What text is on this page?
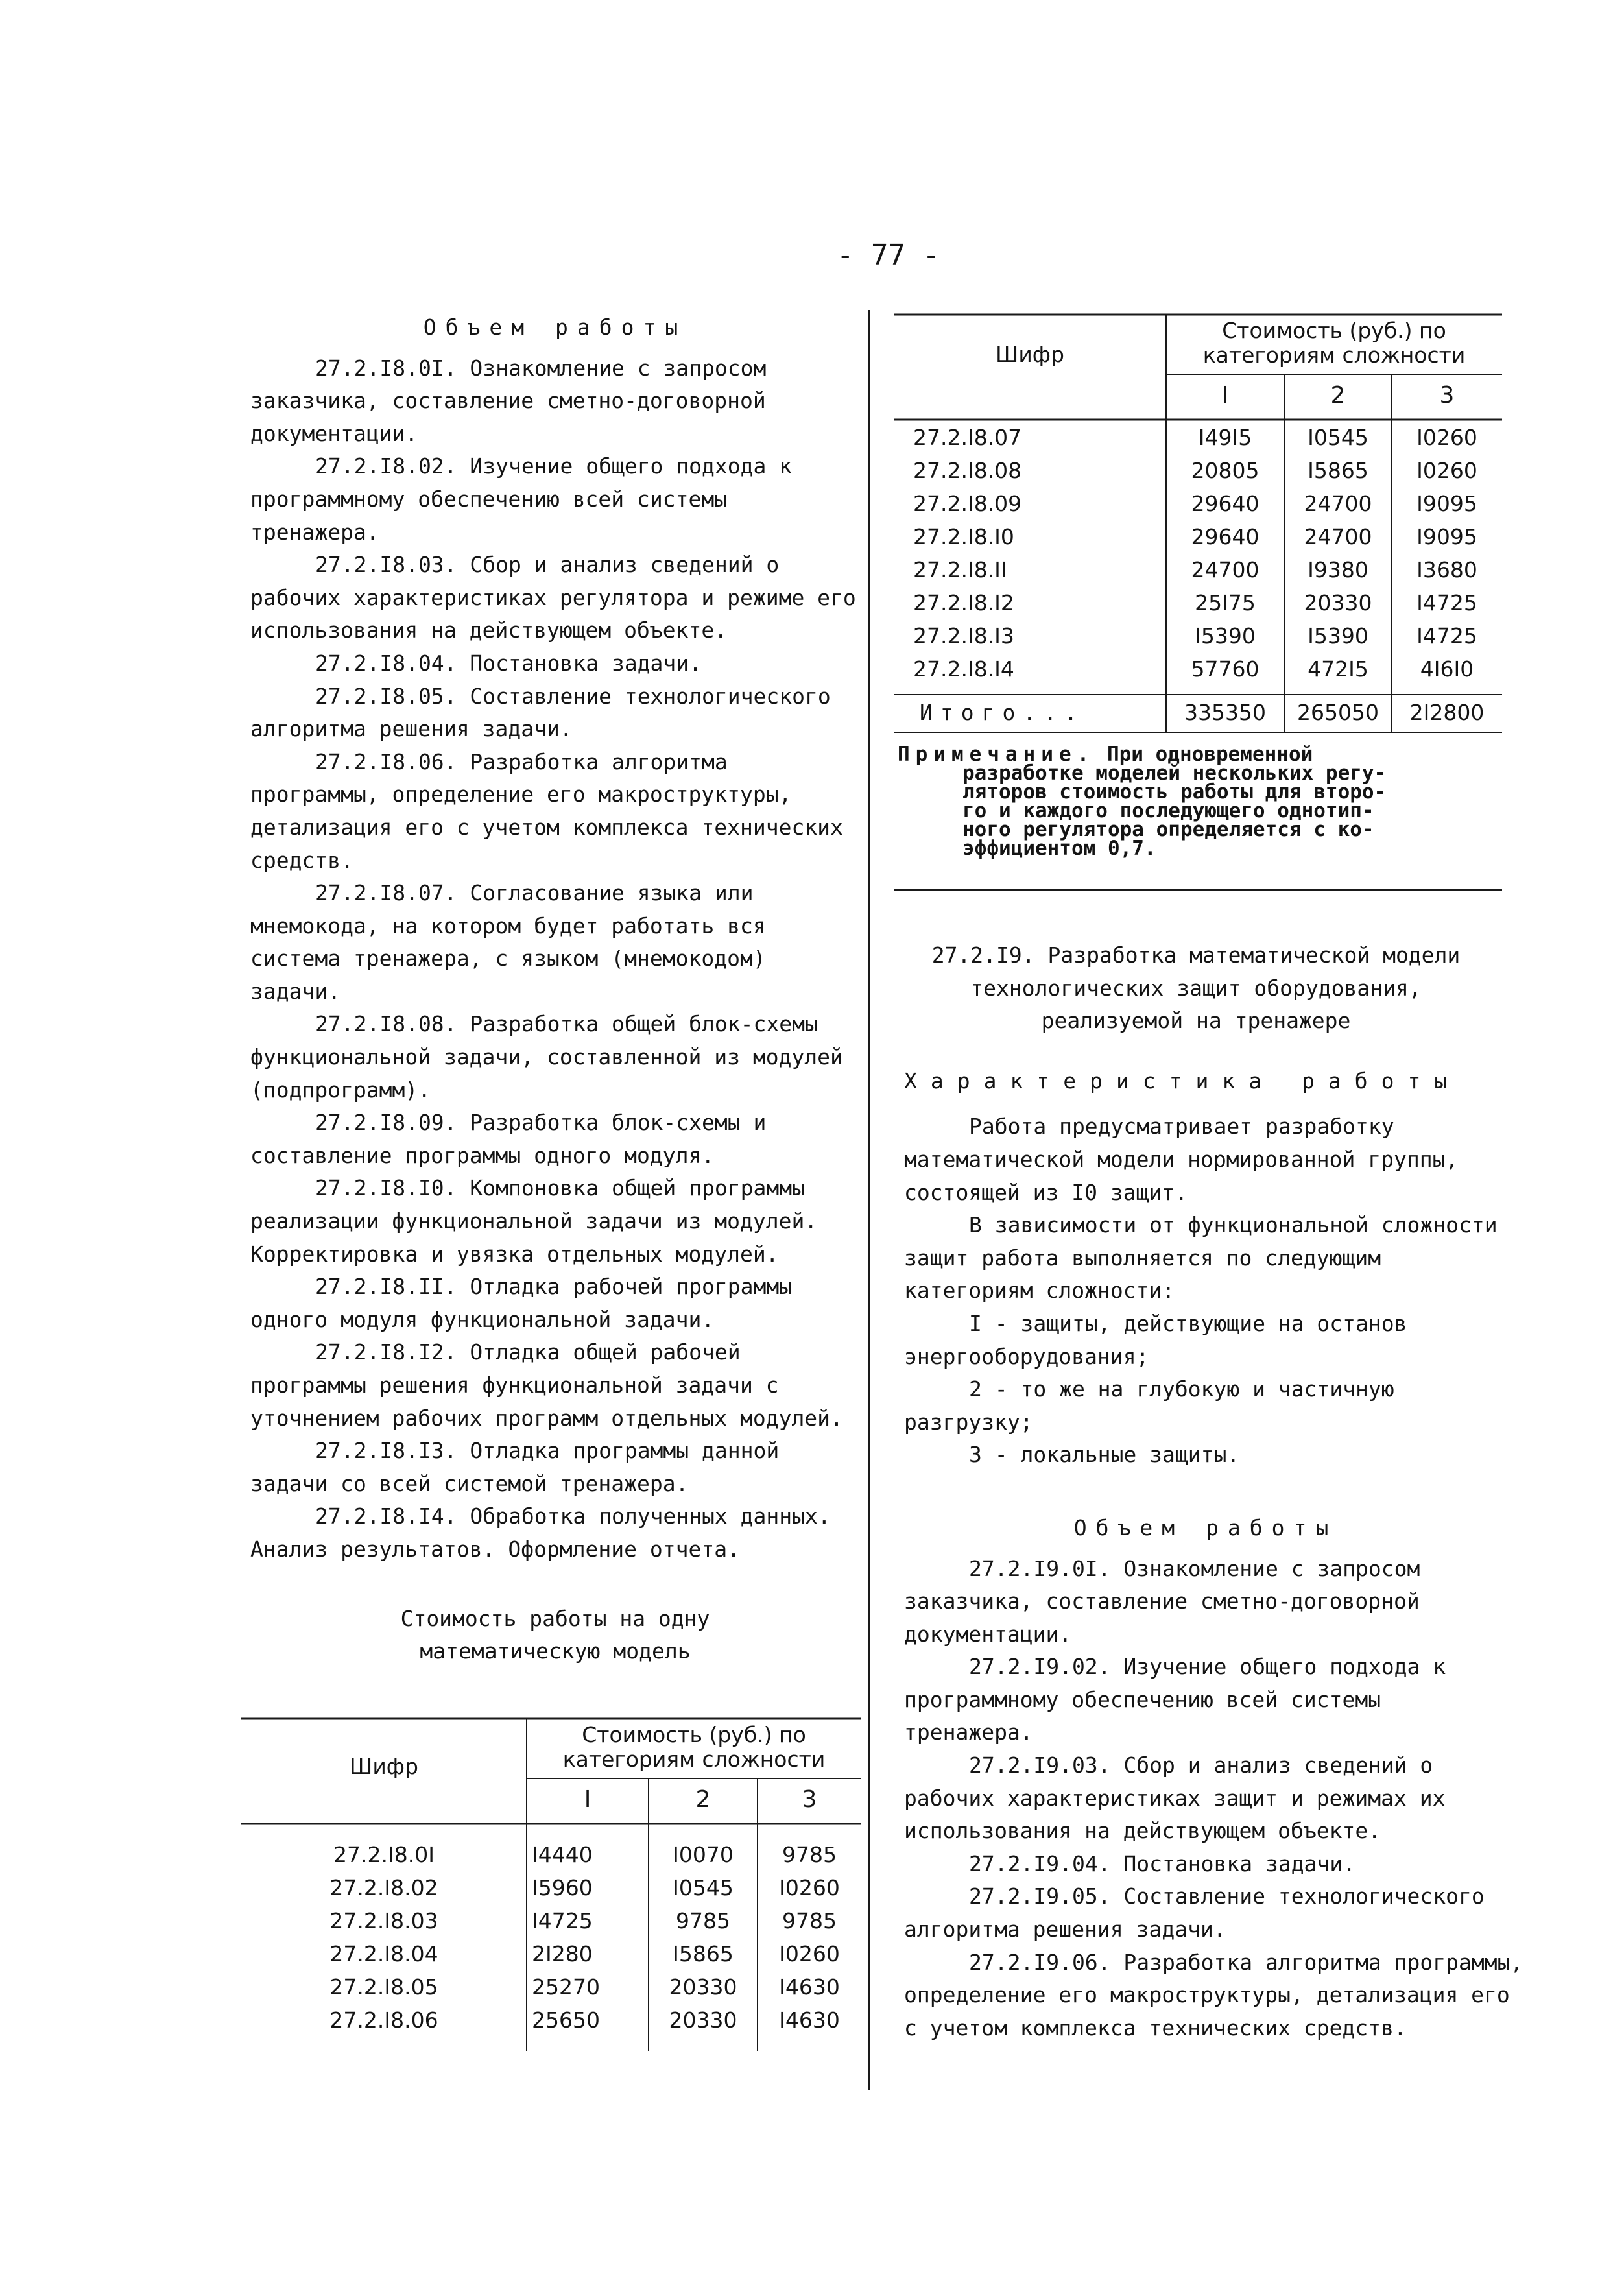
- 77 -
Объем работы

27.2.I8.0I. Ознакомление с запросом заказчика, составление сметно-договорной документации.

27.2.I8.02. Изучение общего подхода к программному обеспечению всей системы тренажера.

27.2.I8.03. Сбор и анализ сведений о рабочих характеристиках регулятора и режиме его использования на действующем объекте.

27.2.I8.04. Постановка задачи.

27.2.I8.05. Составление технологического алгоритма решения задачи.

27.2.I8.06. Разработка алгоритма программы, определение его макроструктуры, детализация его с учетом комплекса технических средств.

27.2.I8.07. Согласование языка или мнемокода, на котором будет работать вся система тренажера, с языком (мнемокодом) задачи.

27.2.I8.08. Разработка общей блок-схемы функциональной задачи, составленной из модулей (подпрограмм).

27.2.I8.09. Разработка блок-схемы и составление программы одного модуля.

27.2.I8.I0. Компоновка общей программы реализации функциональной задачи из модулей. Корректировка и увязка отдельных модулей.

27.2.I8.II. Отладка рабочей программы одного модуля функциональной задачи.

27.2.I8.I2. Отладка общей рабочей программы решения функциональной задачи с уточнением рабочих программ отдельных модулей.

27.2.I8.I3. Отладка программы данной задачи со всей системой тренажера.

27.2.I8.I4. Обработка полученных данных. Анализ результатов. Оформление отчета.

Стоимость работы на одну
математическую модель
Шифр
Стоимость (руб.) по
категориям сложности
I	2	3
27.2.I8.0I	I4440	I0070	9785
27.2.I8.02	I5960	I0545	I0260
27.2.I8.03	I4725	9785	9785
27.2.I8.04	2I280	I5865	I0260
27.2.I8.05	25270	20330	I4630
27.2.I8.06	25650	20330	I4630
Шифр
Стоимость (руб.) по
категориям сложности
I	2	3
27.2.I8.07	I49I5	I0545	I0260
27.2.I8.08	20805	I5865	I0260
27.2.I8.09	29640	24700	I9095
27.2.I8.I0	29640	24700	I9095
27.2.I8.II	24700	I9380	I3680
27.2.I8.I2	25I75	20330	I4725
27.2.I8.I3	I5390	I5390	I4725
27.2.I8.I4	57760	472I5	4I6I0
Итого...	335350	265050	2I2800
Примечание. При одновременной
разработке моделей нескольких регу-
ляторов стоимость работы для второ-
го и каждого последующего однотип-
ного регулятора определяется с ко-
эффициентом 0,7.
27.2.I9. Разработка математической модели
технологических защит оборудования,
реализуемой на тренажере
Характеристика работы

Работа предусматривает разработку математической модели нормированной группы, состоящей из I0 защит.

В зависимости от функциональной сложности защит работа выполняется по следующим категориям сложности:

I - защиты, действующие на останов энергооборудования;

2 - то же на глубокую и частичную разгрузку;

3 - локальные защиты.

Объем работы

27.2.I9.0I. Ознакомление с запросом заказчика, составление сметно-договорной документации.

27.2.I9.02. Изучение общего подхода к программному обеспечению всей системы тренажера.

27.2.I9.03. Сбор и анализ сведений о рабочих характеристиках защит и режимах их использования на действующем объекте.

27.2.I9.04. Постановка задачи.

27.2.I9.05. Составление технологического алгоритма решения задачи.

27.2.I9.06. Разработка алгоритма программы, определение его макроструктуры, детализация его с учетом комплекса технических средств.
